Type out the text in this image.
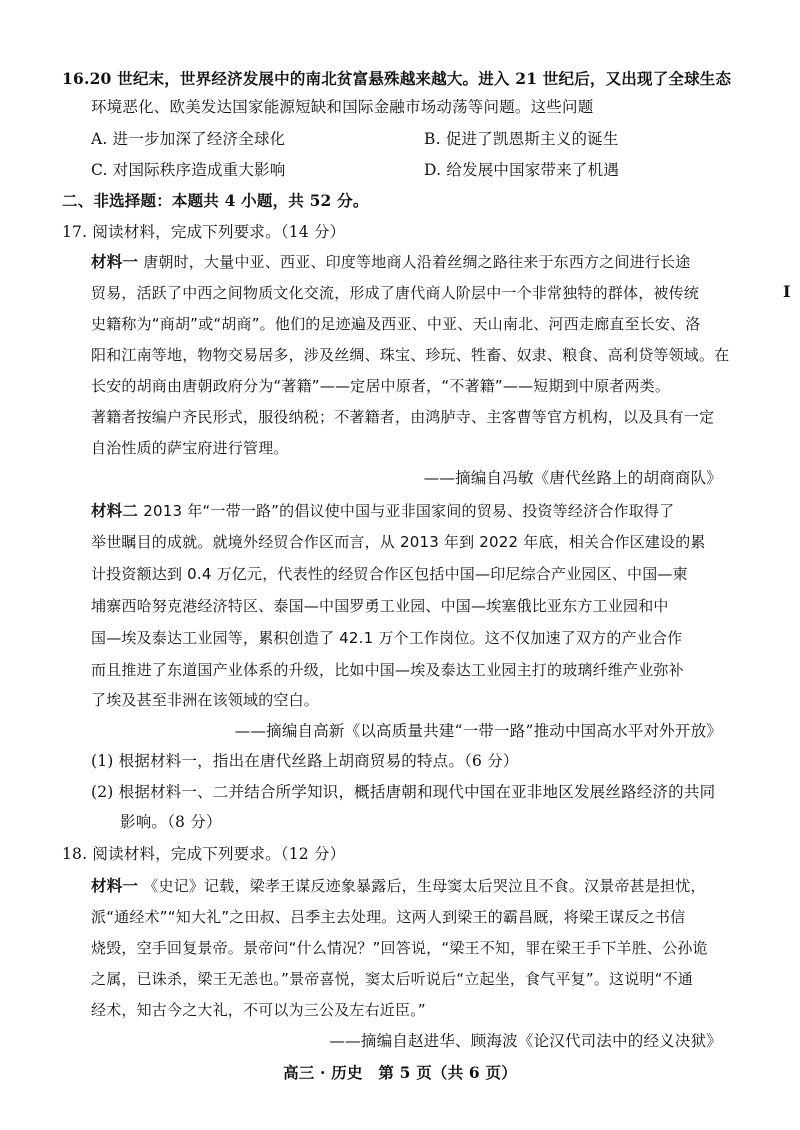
16.20 世纪末，世界经济发展中的南北贫富悬殊越来越大。进入 21 世纪后，又出现了全球生态
环境恶化、欧美发达国家能源短缺和国际金融市场动荡等问题。这些问题
A. 进一步加深了经济全球化	B. 促进了凯恩斯主义的诞生
C. 对国际秩序造成重大影响	D. 给发展中国家带来了机遇
二、非选择题：本题共 4 小题，共 52 分。
17. 阅读材料，完成下列要求。（14 分）
材料一 唐朝时，大量中亚、西亚、印度等地商人沿着丝绸之路往来于东西方之间进行长途
贸易，活跃了中西之间物质文化交流，形成了唐代商人阶层中一个非常独特的群体，被传统
史籍称为“商胡”或“胡商”。他们的足迹遍及西亚、中亚、天山南北、河西走廊直至长安、洛
阳和江南等地，物物交易居多，涉及丝绸、珠宝、珍玩、牲畜、奴隶、粮食、高利贷等领域。在
长安的胡商由唐朝政府分为“著籍”——定居中原者，“不著籍”——短期到中原者两类。
著籍者按编户齐民形式，服役纳税；不著籍者，由鸿胪寺、主客曹等官方机构，以及具有一定
自治性质的萨宝府进行管理。
——摘编自冯敏《唐代丝路上的胡商商队》
材料二 2013 年“一带一路”的倡议使中国与亚非国家间的贸易、投资等经济合作取得了
举世瞩目的成就。就境外经贸合作区而言，从 2013 年到 2022 年底，相关合作区建设的累
计投资额达到 0.4 万亿元，代表性的经贸合作区包括中国—印尼综合产业园区、中国—柬
埔寨西哈努克港经济特区、泰国—中国罗勇工业园、中国—埃塞俄比亚东方工业园和中
国—埃及泰达工业园等，累积创造了 42.1 万个工作岗位。这不仅加速了双方的产业合作
而且推进了东道国产业体系的升级，比如中国—埃及泰达工业园主打的玻璃纤维产业弥补
了埃及甚至非洲在该领域的空白。
——摘编自高新《以高质量共建“一带一路”推动中国高水平对外开放》
(1) 根据材料一，指出在唐代丝路上胡商贸易的特点。（6 分）
(2) 根据材料一、二并结合所学知识，概括唐朝和现代中国在亚非地区发展丝路经济的共同
影响。（8 分）
18. 阅读材料，完成下列要求。（12 分）
材料一 《史记》记载，梁孝王谋反迹象暴露后，生母窦太后哭泣且不食。汉景帝甚是担忧，
派“通经术”“知大礼”之田叔、吕季主去处理。这两人到梁王的霸昌厩，将梁王谋反之书信
烧毁，空手回复景帝。景帝问“什么情况？”回答说，“梁王不知，罪在梁王手下羊胜、公孙诡
之属，已诛杀，梁王无恙也。”景帝喜悦，窦太后听说后“立起坐，食气平复”。这说明“不通
经术，知古今之大礼，不可以为三公及左右近臣。”
——摘编自赵进华、顾海波《论汉代司法中的经义决狱》
高三 · 历史　第 5 页（共 6 页）
I
